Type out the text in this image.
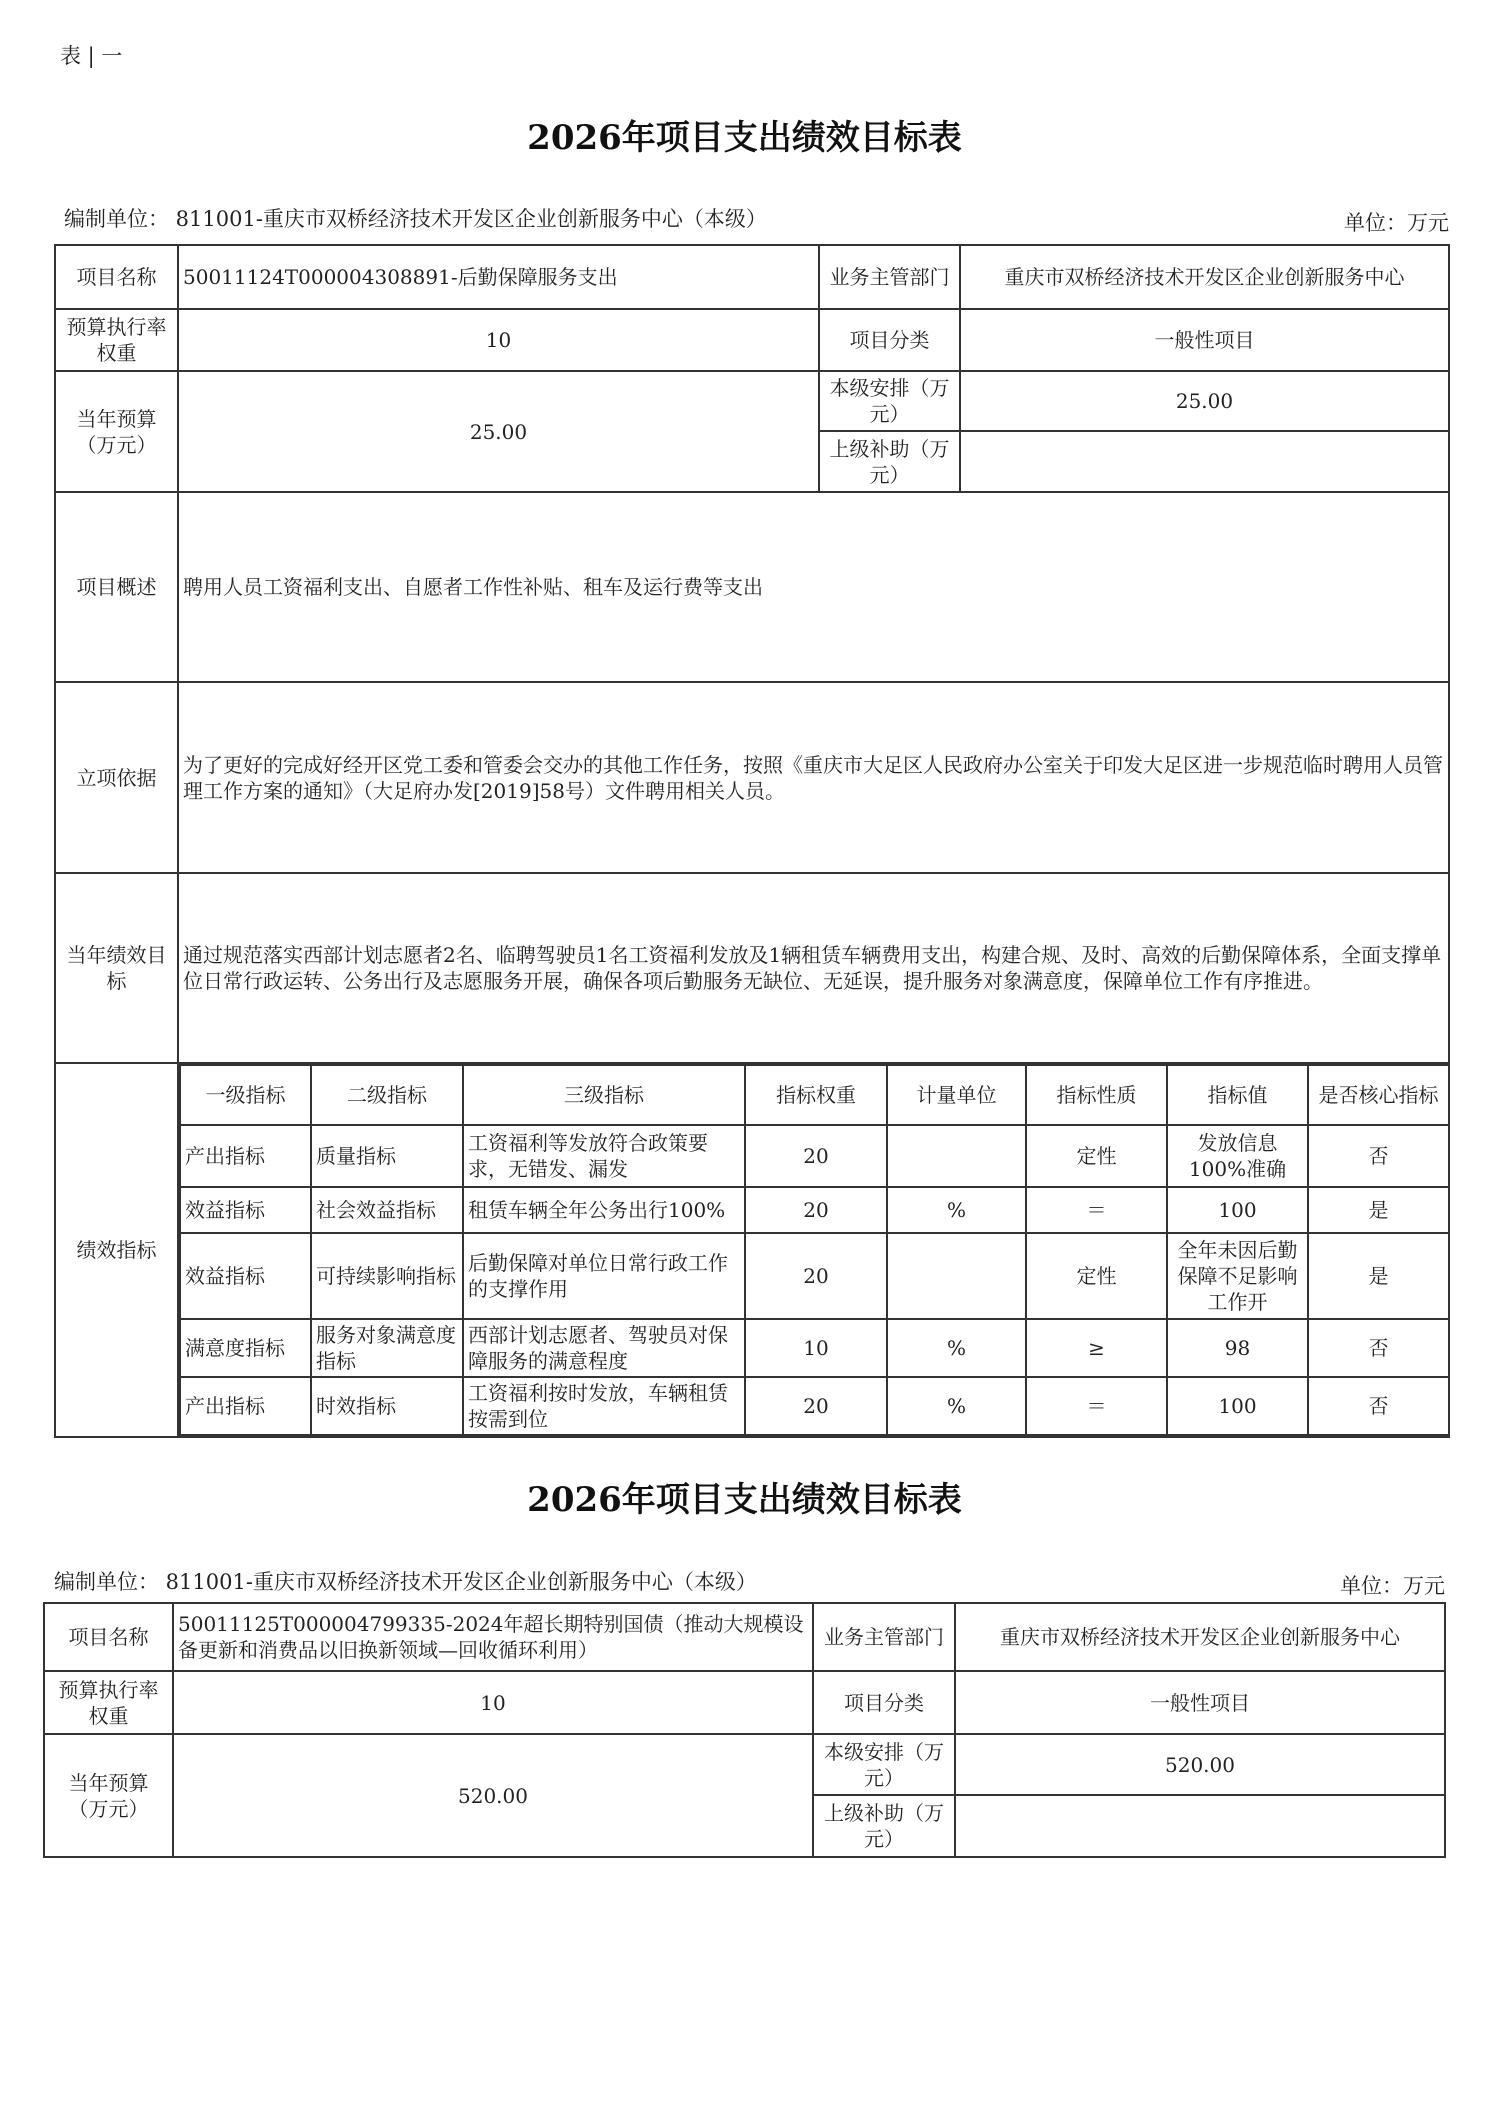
表 | 一
2026年项目支出绩效目标表
编制单位： 811001-重庆市双桥经济技术开发区企业创新服务中心（本级）	单位：万元
项目名称	50011124T000004308891-后勤保障服务支出	业务主管部门	重庆市双桥经济技术开发区企业创新服务中心
预算执行率权重	10	项目分类	一般性项目
当年预算（万元）	25.00	本级安排（万元）	25.00
上级补助（万元）	
项目概述	聘用人员工资福利支出、自愿者工作性补贴、租车及运行费等支出
立项依据	为了更好的完成好经开区党工委和管委会交办的其他工作任务，按照《重庆市大足区人民政府办公室关于印发大足区进一步规范临时聘用人员管理工作方案的通知》（大足府办发[2019]58号）文件聘用相关人员。
当年绩效目标	通过规范落实西部计划志愿者2名、临聘驾驶员1名工资福利发放及1辆租赁车辆费用支出，构建合规、及时、高效的后勤保障体系，全面支撑单位日常行政运转、公务出行及志愿服务开展，确保各项后勤服务无缺位、无延误，提升服务对象满意度，保障单位工作有序推进。
绩效指标	
一级指标	二级指标	三级指标	指标权重	计量单位	指标性质	指标值	是否核心指标
产出指标	质量指标	工资福利等发放符合政策要求，无错发、漏发	20		定性	发放信息100%准确	否
效益指标	社会效益指标	租赁车辆全年公务出行100%	20	%	＝	100	是
效益指标	可持续影响指标	后勤保障对单位日常行政工作的支撑作用	20		定性	全年未因后勤保障不足影响工作开	是
满意度指标	服务对象满意度指标	西部计划志愿者、驾驶员对保障服务的满意程度	10	%	≥	98	否
产出指标	时效指标	工资福利按时发放，车辆租赁按需到位	20	%	＝	100	否
2026年项目支出绩效目标表
编制单位： 811001-重庆市双桥经济技术开发区企业创新服务中心（本级）	单位：万元
项目名称	50011125T000004799335-2024年超长期特别国债（推动大规模设备更新和消费品以旧换新领域—回收循环利用）	业务主管部门	重庆市双桥经济技术开发区企业创新服务中心
预算执行率权重	10	项目分类	一般性项目
当年预算（万元）	520.00	本级安排（万元）	520.00
		上级补助（万元）	
